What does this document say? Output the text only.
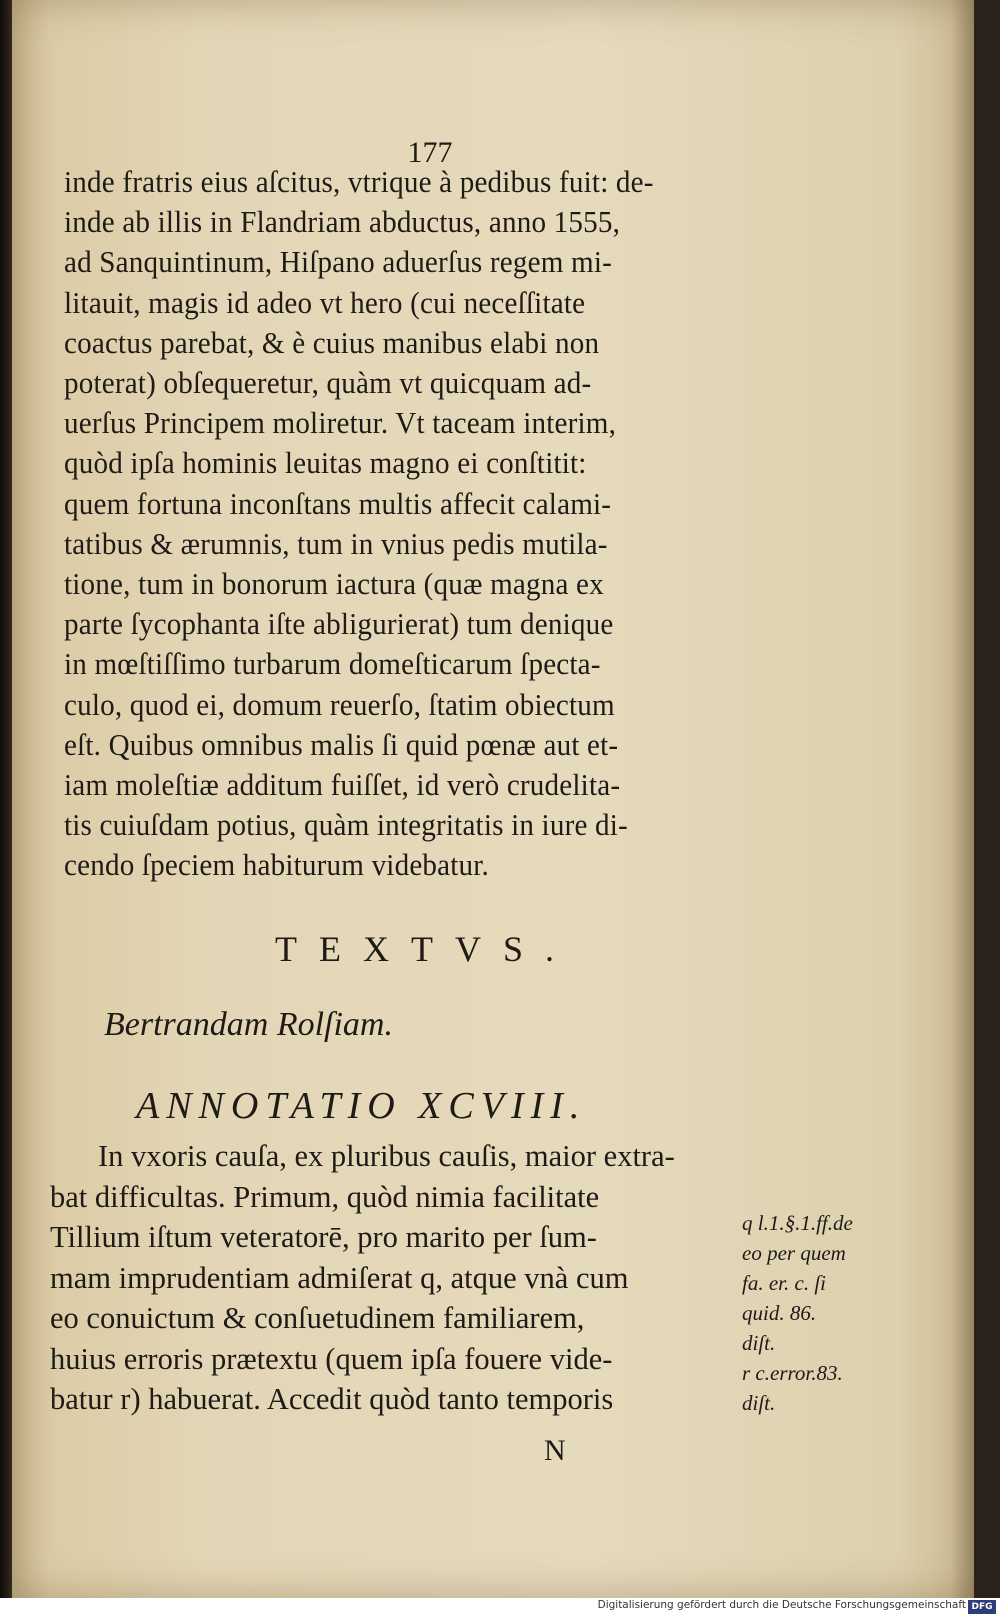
177
inde fratris eius aſcitus, vtrique à pedibus fuit: de-
inde ab illis in Flandriam abductus, anno 1555,
ad Sanquintinum, Hiſpano aduerſus regem mi-
litauit, magis id adeo vt hero (cui neceſſitate
coactus parebat, & è cuius manibus elabi non
poterat) obſequeretur, quàm vt quicquam ad-
uerſus Principem moliretur. Vt taceam interim,
quòd ipſa hominis leuitas magno ei conſtitit:
quem fortuna inconſtans multis affecit calami-
tatibus & ærumnis, tum in vnius pedis mutila-
tione, tum in bonorum iactura (quæ magna ex
parte ſycophanta iſte abligurierat) tum denique
in mœſtiſſimo turbarum domeſticarum ſpecta-
culo, quod ei, domum reuerſo, ſtatim obiectum
eſt. Quibus omnibus malis ſi quid pœnæ aut et-
iam moleſtiæ additum fuiſſet, id verò crudelita-
tis cuiuſdam potius, quàm integritatis in iure di-
cendo ſpeciem habiturum videbatur.
TEXTVS.
Bertrandam Rolſiam.
ANNOTATIO XCVIII.
In vxoris cauſa, ex pluribus cauſis, maior extra-
bat difficultas. Primum, quòd nimia facilitate
Tillium iſtum veteratorē, pro marito per ſum-
mam imprudentiam admiſerat q, atque vnà cum
eo conuictum & conſuetudinem familiarem,
huius erroris prætextu (quem ipſa fouere vide-
batur r) habuerat. Accedit quòd tanto temporis
q l.1.§.1.ff.de
eo per quem
fa. er. c. ſi
quid. 86.
diſt.
r c.error.83.
diſt.
N
Digitalisierung gefördert durch die Deutsche Forschungsgemeinschaft DFG
